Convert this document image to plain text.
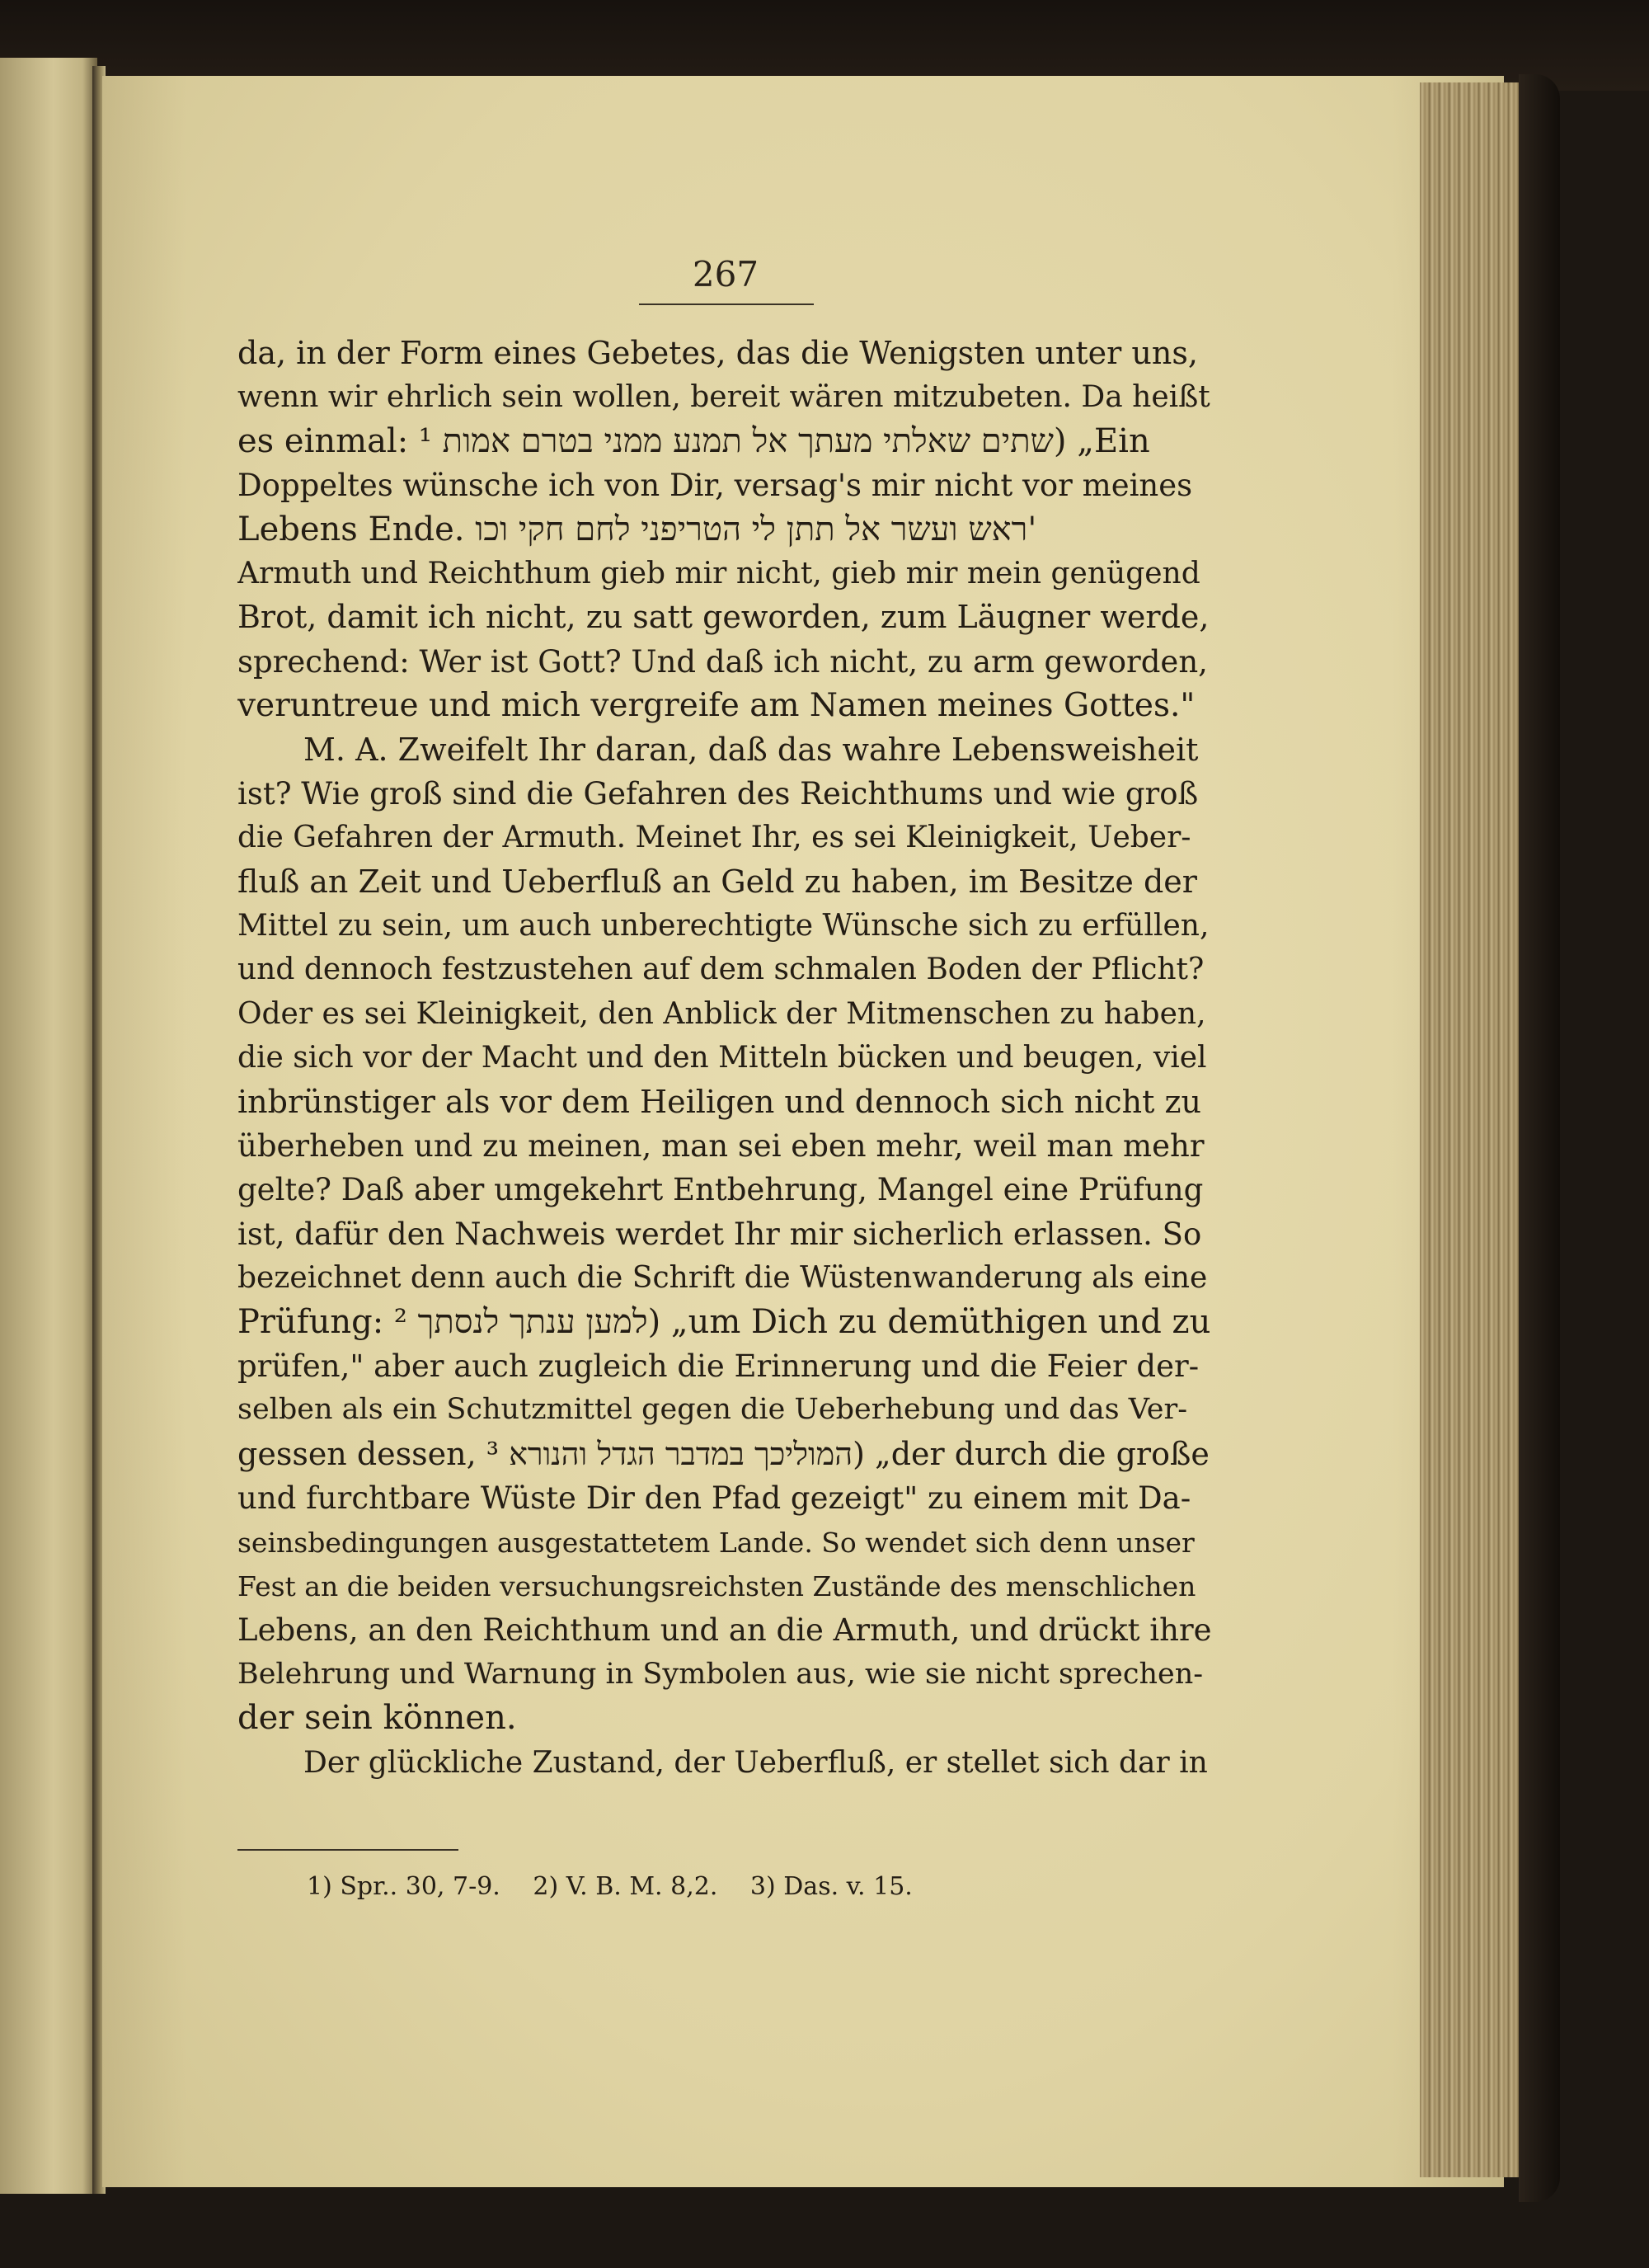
267
da, in der Form eines Gebetes, das die Wenigsten unter uns,
wenn wir ehrlich sein wollen, bereit wären mitzubeten. Da heißt
es einmal: שתים שאלתי מעתך אל תמנע ממני בטרם אמות ¹) „Ein
Doppeltes wünsche ich von Dir, versag's mir nicht vor meines
Lebens Ende. ראש ועשר אל תתן לי הטריפני לחם חקי וכו'
Armuth und Reichthum gieb mir nicht, gieb mir mein genügend
Brot, damit ich nicht, zu satt geworden, zum Läugner werde,
sprechend: Wer ist Gott? Und daß ich nicht, zu arm geworden,
veruntreue und mich vergreife am Namen meines Gottes."
M. A. Zweifelt Ihr daran, daß das wahre Lebensweisheit
ist? Wie groß sind die Gefahren des Reichthums und wie groß
die Gefahren der Armuth. Meinet Ihr, es sei Kleinigkeit, Ueber-
fluß an Zeit und Ueberfluß an Geld zu haben, im Besitze der
Mittel zu sein, um auch unberechtigte Wünsche sich zu erfüllen,
und dennoch festzustehen auf dem schmalen Boden der Pflicht?
Oder es sei Kleinigkeit, den Anblick der Mitmenschen zu haben,
die sich vor der Macht und den Mitteln bücken und beugen, viel
inbrünstiger als vor dem Heiligen und dennoch sich nicht zu
überheben und zu meinen, man sei eben mehr, weil man mehr
gelte? Daß aber umgekehrt Entbehrung, Mangel eine Prüfung
ist, dafür den Nachweis werdet Ihr mir sicherlich erlassen. So
bezeichnet denn auch die Schrift die Wüstenwanderung als eine
Prüfung: למען ענתך לנסתך ²) „um Dich zu demüthigen und zu
prüfen," aber auch zugleich die Erinnerung und die Feier der-
selben als ein Schutzmittel gegen die Ueberhebung und das Ver-
gessen dessen, המוליכך במדבר הגדל והנורא ³) „der durch die große
und furchtbare Wüste Dir den Pfad gezeigt" zu einem mit Da-
seinsbedingungen ausgestattetem Lande. So wendet sich denn unser
Fest an die beiden versuchungsreichsten Zustände des menschlichen
Lebens, an den Reichthum und an die Armuth, und drückt ihre
Belehrung und Warnung in Symbolen aus, wie sie nicht sprechen-
der sein können.
Der glückliche Zustand, der Ueberfluß, er stellet sich dar in
1) Spr.. 30, 7-9. 2) V. B. M. 8,2. 3) Das. v. 15.
